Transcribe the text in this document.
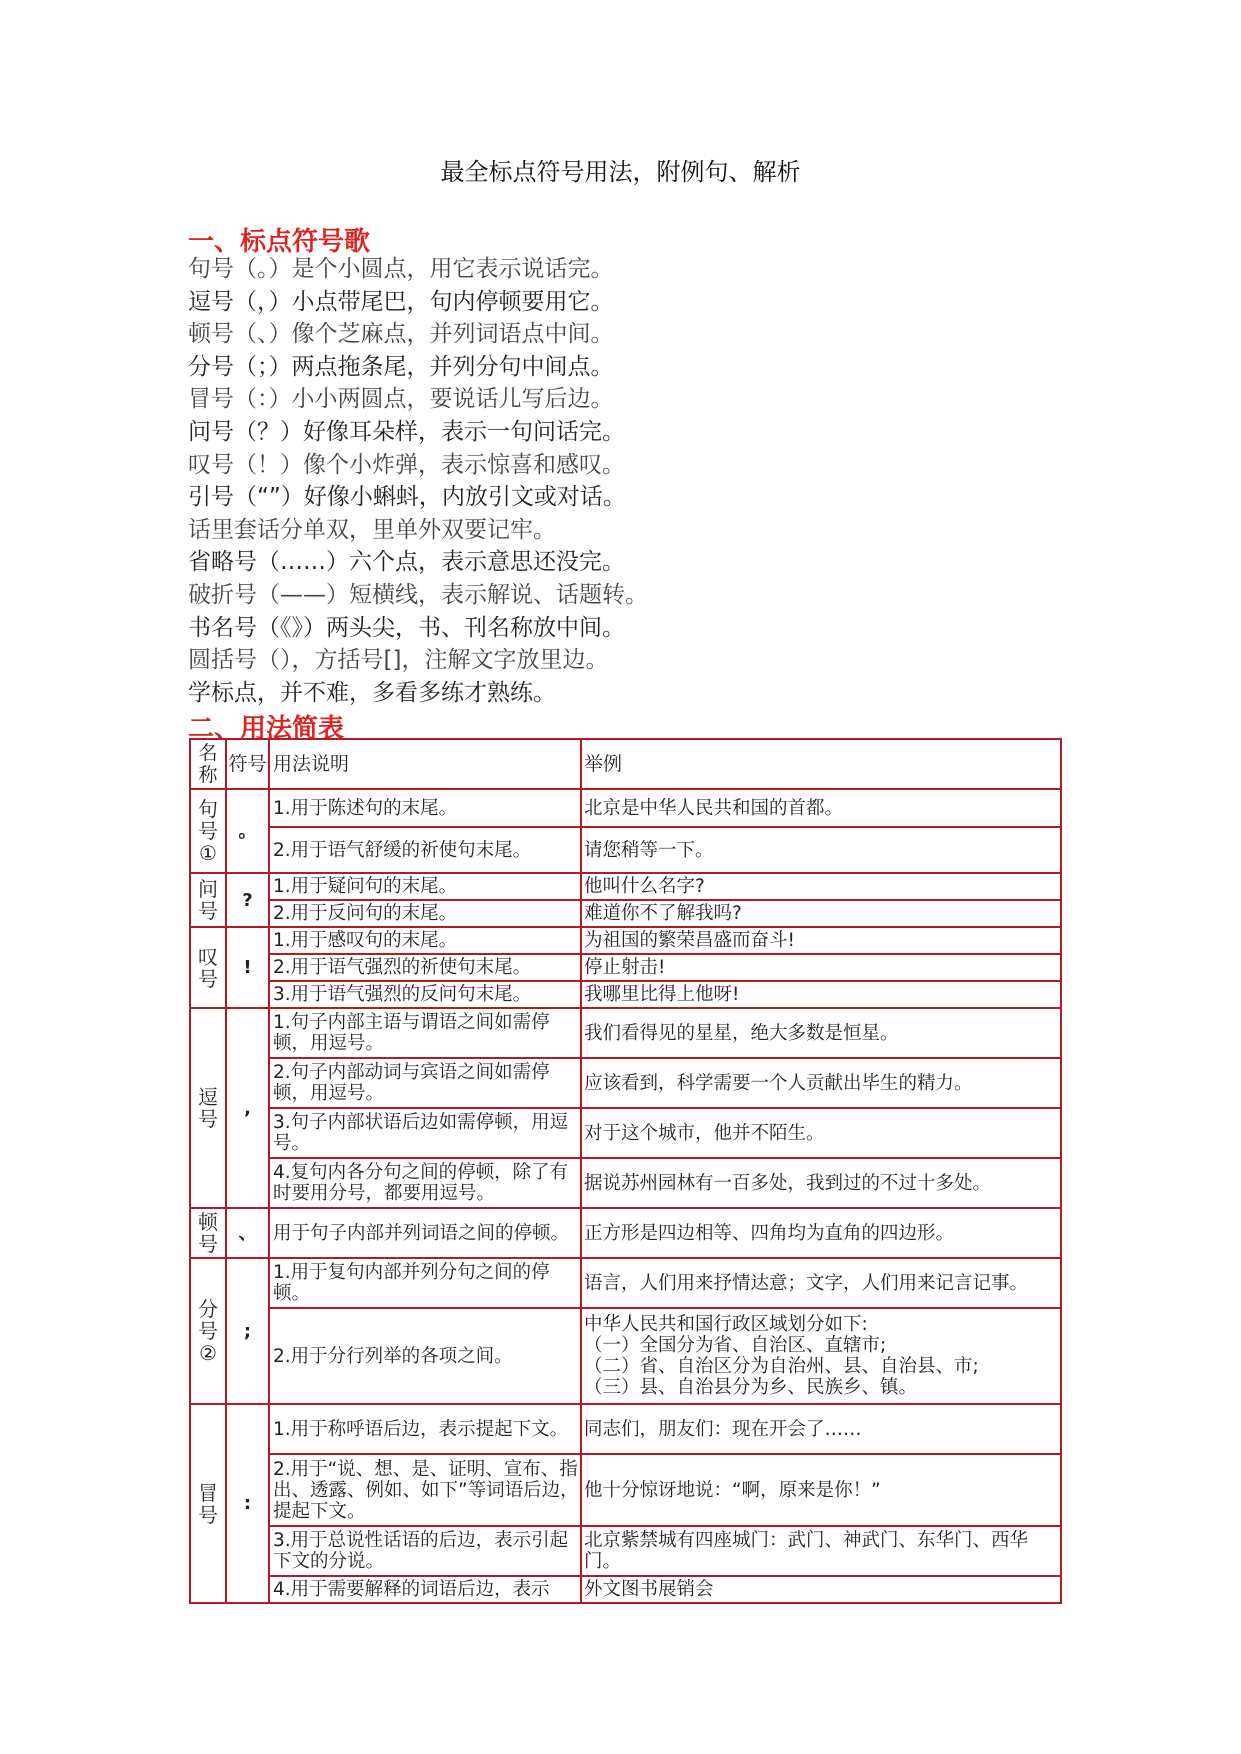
最全标点符号用法，附例句、解析
一、标点符号歌
句号（。）是个小圆点，用它表示说话完。
逗号（，）小点带尾巴，句内停顿要用它。
顿号（、）像个芝麻点，并列词语点中间。
分号（；）两点拖条尾，并列分句中间点。
冒号（：）小小两圆点，要说话儿写后边。
问号（？）好像耳朵样，表示一句问话完。
叹号（！）像个小炸弹，表示惊喜和感叹。
引号（“”）好像小蝌蚪，内放引文或对话。
话里套话分单双，里单外双要记牢。
省略号（……）六个点，表示意思还没完。
破折号（——）短横线，表示解说、话题转。
书名号（《》）两头尖，书、刊名称放中间。
圆括号（），方括号[]，注解文字放里边。
学标点，并不难，多看多练才熟练。
二、用法简表
名称	符号	用法说明	举例
句号①	。	1.用于陈述句的末尾。	北京是中华人民共和国的首都。
		2.用于语气舒缓的祈使句末尾。	请您稍等一下。
问号	?	1.用于疑问句的末尾。	他叫什么名字?
		2.用于反问句的末尾。	难道你不了解我吗?
叹号	!	1.用于感叹句的末尾。	为祖国的繁荣昌盛而奋斗!
		2.用于语气强烈的祈使句末尾。	停止射击!
		3.用于语气强烈的反问句末尾。	我哪里比得上他呀!
逗号	,	1.句子内部主语与谓语之间如需停顿，用逗号。	我们看得见的星星，绝大多数是恒星。
		2.句子内部动词与宾语之间如需停顿，用逗号。	应该看到，科学需要一个人贡献出毕生的精力。
		3.句子内部状语后边如需停顿，用逗号。	对于这个城市，他并不陌生。
		4.复句内各分句之间的停顿，除了有时要用分号，都要用逗号。	据说苏州园林有一百多处，我到过的不过十多处。
顿号	、	用于句子内部并列词语之间的停顿。	正方形是四边相等、四角均为直角的四边形。
分号②	;	1.用于复句内部并列分句之间的停顿。	语言，人们用来抒情达意；文字，人们用来记言记事。
		2.用于分行列举的各项之间。	中华人民共和国行政区域划分如下:
（一）全国分为省、自治区、直辖市;
（二）省、自治区分为自治州、县、自治县、市;
（三）县、自治县分为乡、民族乡、镇。
冒号	:	1.用于称呼语后边，表示提起下文。	同志们，朋友们：现在开会了……
		2.用于“说、想、是、证明、宣布、指出、透露、例如、如下”等词语后边，提起下文。	他十分惊讶地说：“啊，原来是你！”
		3.用于总说性话语的后边，表示引起下文的分说。	北京紫禁城有四座城门：武门、神武门、东华门、西华门。
		4.用于需要解释的词语后边，表示	外文图书展销会
